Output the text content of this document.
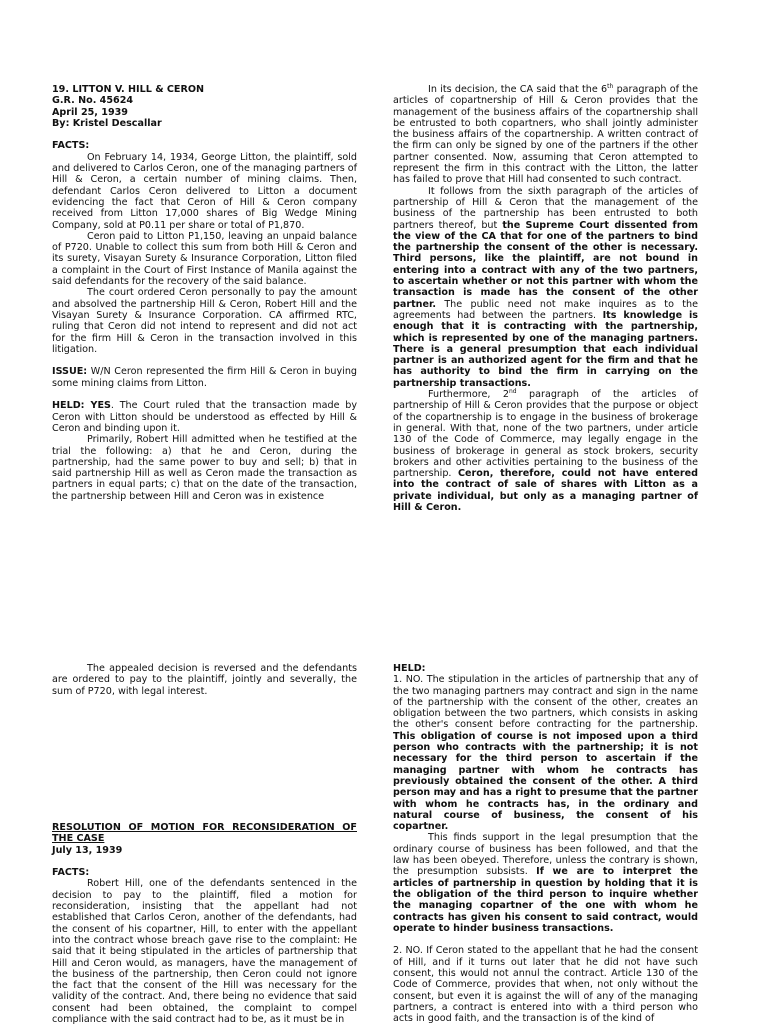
19. LITTON V. HILL & CERON

G.R. No. 45624

April 25, 1939

By: Kristel Descallar

FACTS:

On February 14, 1934, George Litton, the plaintiff, sold and delivered to Carlos Ceron, one of the managing partners of Hill & Ceron, a certain number of mining claims. Then, defendant Carlos Ceron delivered to Litton a document evidencing the fact that Ceron of Hill & Ceron company received from Litton 17,000 shares of Big Wedge Mining Company, sold at P0.11 per share or total of P1,870.

Ceron paid to Litton P1,150, leaving an unpaid balance of P720. Unable to collect this sum from both Hill & Ceron and its surety, Visayan Surety & Insurance Corporation, Litton filed a complaint in the Court of First Instance of Manila against the said defendants for the recovery of the said balance.

The court ordered Ceron personally to pay the amount and absolved the partnership Hill & Ceron, Robert Hill and the Visayan Surety & Insurance Corporation. CA affirmed RTC, ruling that Ceron did not intend to represent and did not act for the firm Hill & Ceron in the transaction involved in this litigation.

ISSUE: W/N Ceron represented the firm Hill & Ceron in buying some mining claims from Litton.

HELD: YES. The Court ruled that the transaction made by Ceron with Litton should be understood as effected by Hill & Ceron and binding upon it.

Primarily, Robert Hill admitted when he testified at the trial the following: a) that he and Ceron, during the partnership, had the same power to buy and sell; b) that in said partnership Hill as well as Ceron made the transaction as partners in equal parts; c) that on the date of the transaction, the partnership between Hill and Ceron was in existence

In its decision, the CA said that the 6th paragraph of the articles of copartnership of Hill & Ceron provides that the management of the business affairs of the copartnership shall be entrusted to both copartners, who shall jointly administer the business affairs of the copartnership. A written contract of the firm can only be signed by one of the partners if the other partner consented. Now, assuming that Ceron attempted to represent the firm in this contract with the Litton, the latter has failed to prove that Hill had consented to such contract.

It follows from the sixth paragraph of the articles of partnership of Hill & Ceron that the management of the business of the partnership has been entrusted to both partners thereof, but the Supreme Court dissented from the view of the CA that for one of the partners to bind the partnership the consent of the other is necessary. Third persons, like the plaintiff, are not bound in entering into a contract with any of the two partners, to ascertain whether or not this partner with whom the transaction is made has the consent of the other partner. The public need not make inquires as to the agreements had between the partners. Its knowledge is enough that it is contracting with the partnership, which is represented by one of the managing partners. There is a general presumption that each individual partner is an authorized agent for the firm and that he has authority to bind the firm in carrying on the partnership transactions.

Furthermore, 2nd paragraph of the articles of partnership of Hill & Ceron provides that the purpose or object of the copartnership is to engage in the business of brokerage in general. With that, none of the two partners, under article 130 of the Code of Commerce, may legally engage in the business of brokerage in general as stock brokers, security brokers and other activities pertaining to the business of the partnership. Ceron, therefore, could not have entered into the contract of sale of shares with Litton as a private individual, but only as a managing partner of Hill & Ceron.

The appealed decision is reversed and the defendants are ordered to pay to the plaintiff, jointly and severally, the sum of P720, with legal interest.

RESOLUTION OF MOTION FOR RECONSIDERATION OF THE CASE

July 13, 1939

FACTS:

Robert Hill, one of the defendants sentenced in the decision to pay to the plaintiff, filed a motion for reconsideration, insisting that the appellant had not established that Carlos Ceron, another of the defendants, had the consent of his copartner, Hill, to enter with the appellant into the contract whose breach gave rise to the complaint: He said that it being stipulated in the articles of partnership that Hill and Ceron would, as managers, have the management of the business of the partnership, then Ceron could not ignore the fact that the consent of the Hill was necessary for the validity of the contract. And, there being no evidence that said consent had been obtained, the complaint to compel compliance with the said contract had to be, as it must be in

HELD:

1. NO. The stipulation in the articles of partnership that any of the two managing partners may contract and sign in the name of the partnership with the consent of the other, creates an obligation between the two partners, which consists in asking the other's consent before contracting for the partnership. This obligation of course is not imposed upon a third person who contracts with the partnership; it is not necessary for the third person to ascertain if the managing partner with whom he contracts has previously obtained the consent of the other. A third person may and has a right to presume that the partner with whom he contracts has, in the ordinary and natural course of business, the consent of his copartner.

This finds support in the legal presumption that the ordinary course of business has been followed, and that the law has been obeyed. Therefore, unless the contrary is shown, the presumption subsists. If we are to interpret the articles of partnership in question by holding that it is the obligation of the third person to inquire whether the managing copartner of the one with whom he contracts has given his consent to said contract, would operate to hinder business transactions.

2. NO. If Ceron stated to the appellant that he had the consent of Hill, and if it turns out later that he did not have such consent, this would not annul the contract. Article 130 of the Code of Commerce, provides that when, not only without the consent, but even it is against the will of any of the managing partners, a contract is entered into with a third person who acts in good faith, and the transaction is of the kind of
